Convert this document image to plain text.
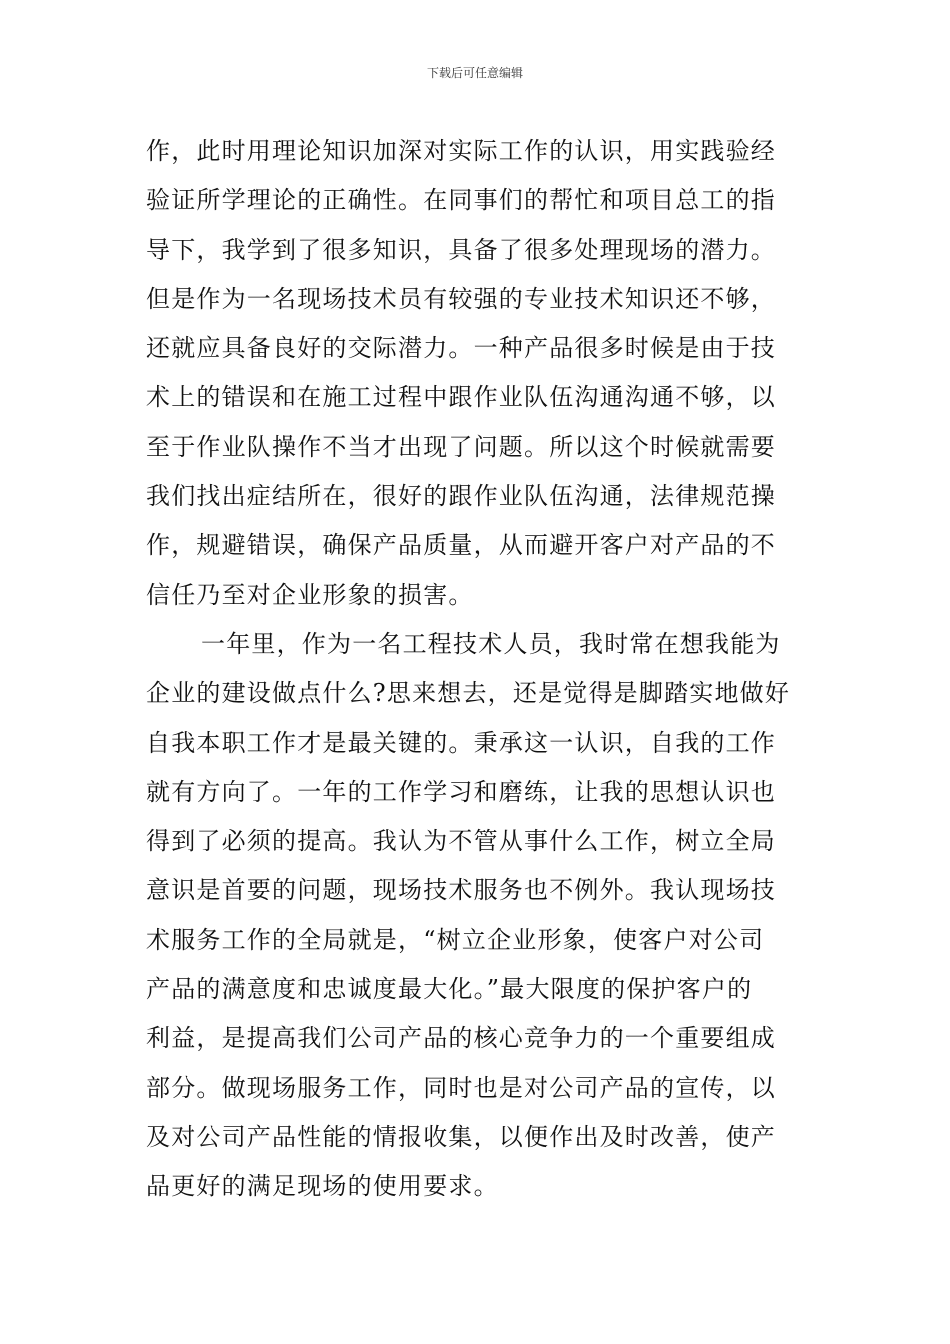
下载后可任意编辑
作，此时用理论知识加深对实际工作的认识，用实践验经
验证所学理论的正确性。在同事们的帮忙和项目总工的指
导下，我学到了很多知识，具备了很多处理现场的潜力。
但是作为一名现场技术员有较强的专业技术知识还不够，
还就应具备良好的交际潜力。一种产品很多时候是由于技
术上的错误和在施工过程中跟作业队伍沟通沟通不够，以
至于作业队操作不当才出现了问题。所以这个时候就需要
我们找出症结所在，很好的跟作业队伍沟通，法律规范操
作，规避错误，确保产品质量，从而避开客户对产品的不
信任乃至对企业形象的损害。
一年里，作为一名工程技术人员，我时常在想我能为
企业的建设做点什么?思来想去，还是觉得是脚踏实地做好
自我本职工作才是最关键的。秉承这一认识，自我的工作
就有方向了。一年的工作学习和磨练，让我的思想认识也
得到了必须的提高。我认为不管从事什么工作，树立全局
意识是首要的问题，现场技术服务也不例外。我认现场技
术服务工作的全局就是，“树立企业形象，使客户对公司
产品的满意度和忠诚度最大化。”最大限度的保护客户的
利益，是提高我们公司产品的核心竞争力的一个重要组成
部分。做现场服务工作，同时也是对公司产品的宣传，以
及对公司产品性能的情报收集，以便作出及时改善，使产
品更好的满足现场的使用要求。
